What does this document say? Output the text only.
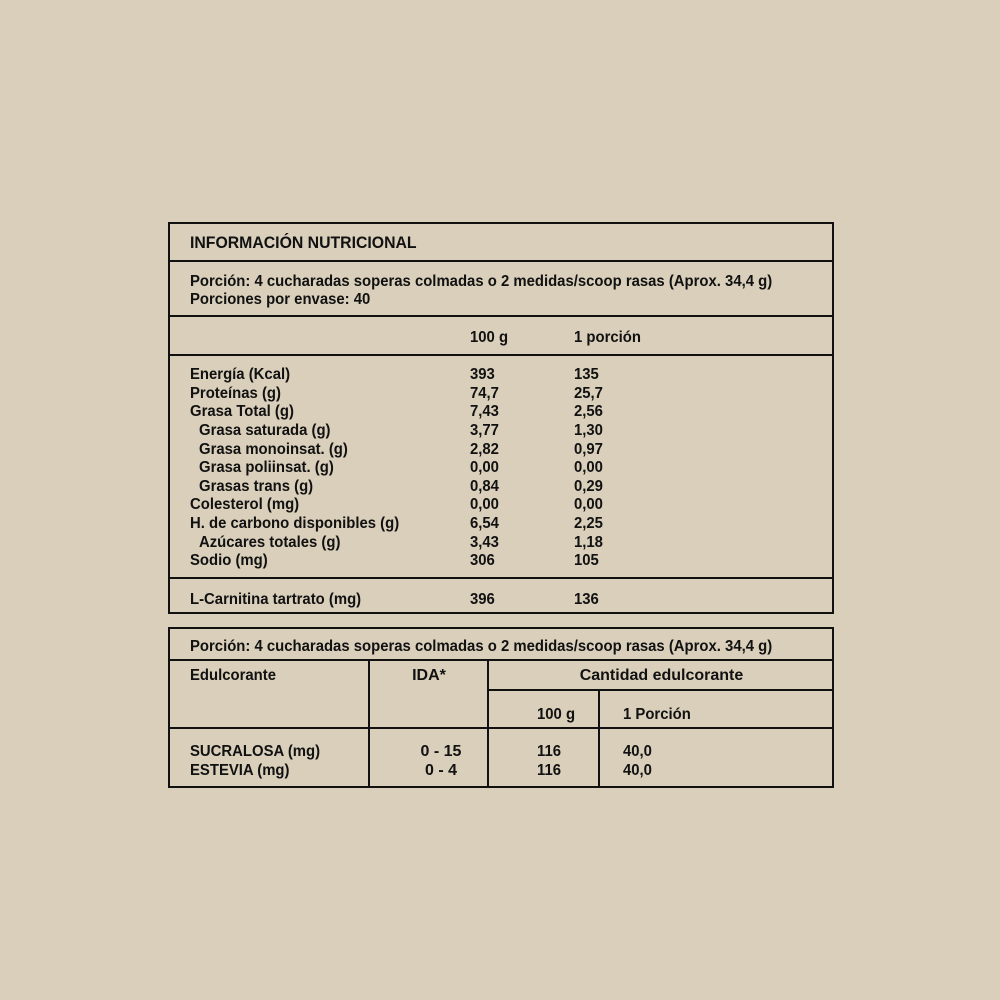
INFORMACIÓN NUTRICIONAL
Porción: 4 cucharadas soperas colmadas o 2 medidas/scoop rasas (Aprox. 34,4 g)
Porciones por envase: 40
100 g	1 porción
Energía (Kcal)	393	135
Proteínas (g)	74,7	25,7
Grasa Total (g)	7,43	2,56
Grasa saturada (g)	3,77	1,30
Grasa monoinsat. (g)	2,82	0,97
Grasa poliinsat. (g)	0,00	0,00
Grasas trans (g)	0,84	0,29
Colesterol (mg)	0,00	0,00
H. de carbono disponibles (g)	6,54	2,25
Azúcares totales (g)	3,43	1,18
Sodio (mg)	306	105
L-Carnitina tartrato (mg)	396	136
Porción: 4 cucharadas soperas colmadas o 2 medidas/scoop rasas (Aprox. 34,4 g)
Edulcorante	IDA*	Cantidad edulcorante
100 g	1 Porción
SUCRALOSA (mg)	0 - 15	116	40,0
ESTEVIA (mg)	0 - 4	116	40,0
